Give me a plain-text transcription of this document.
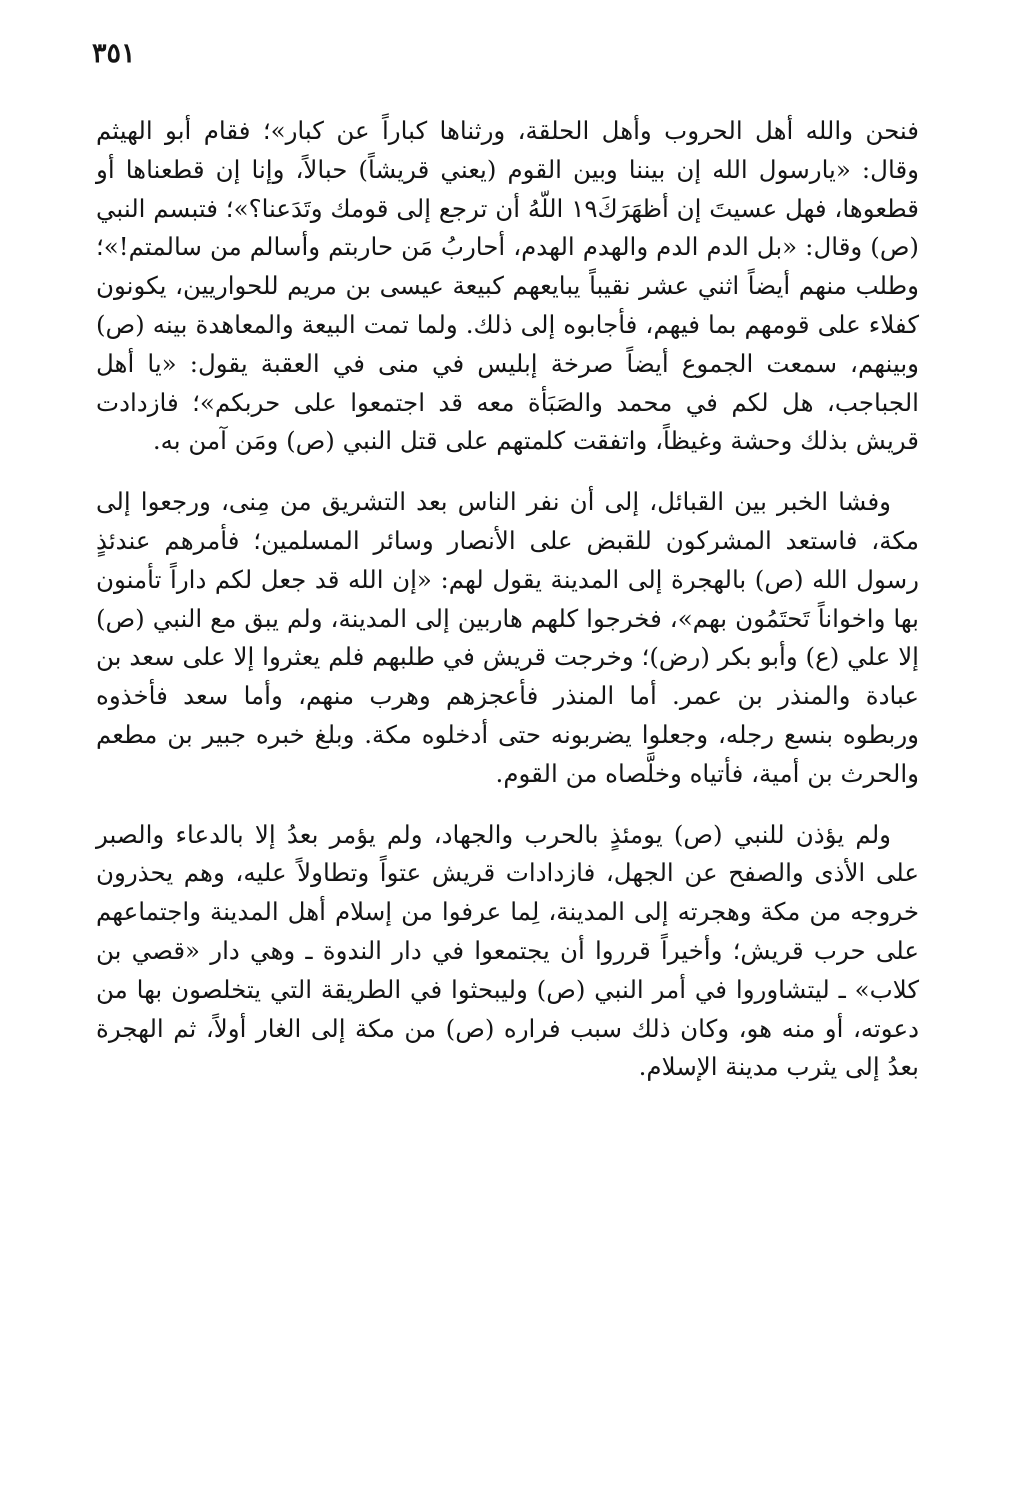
٣٥١

فنحن والله أهل الحروب وأهل الحلقة، ورثناها كباراً عن كبار»؛ فقام أبو الهيثم وقال: «يارسول الله إن بيننا وبين القوم (يعني قريشاً) حبالاً، وإنا إن قطعناها أو قطعوها، فهل عسيتَ إن أظهَرَكَ١٩ اللّهُ أن ترجع إلى قومك وتَدَعنا؟»؛ فتبسم النبي (ص) وقال: «بل الدم الدم والهدم الهدم، أحاربُ مَن حاربتم وأسالم من سالمتم!»؛ وطلب منهم أيضاً اثني عشر نقيباً يبايعهم كبيعة عيسى بن مريم للحواريين، يكونون كفلاء على قومهم بما فيهم، فأجابوه إلى ذلك. ولما تمت البيعة والمعاهدة بينه (ص) وبينهم، سمعت الجموع أيضاً صرخة إبليس في منى في العقبة يقول: «يا أهل الجباجب، هل لكم في محمد والصَبَأة معه قد اجتمعوا على حربكم»؛ فازدادت قريش بذلك وحشة وغيظاً، واتفقت كلمتهم على قتل النبي (ص) ومَن آمن به.

وفشا الخبر بين القبائل، إلى أن نفر الناس بعد التشريق من مِنى، ورجعوا إلى مكة، فاستعد المشركون للقبض على الأنصار وسائر المسلمين؛ فأمرهم عندئذٍ رسول الله (ص) بالهجرة إلى المدينة يقول لهم: «إن الله قد جعل لكم داراً تأمنون بها واخواناً تَحتَمُون بهم»، فخرجوا كلهم هاربين إلى المدينة، ولم يبق مع النبي (ص) إلا علي (ع) وأبو بكر (رض)؛ وخرجت قريش في طلبهم فلم يعثروا إلا على سعد بن عبادة والمنذر بن عمر. أما المنذر فأعجزهم وهرب منهم، وأما سعد فأخذوه وربطوه بنسع رجله، وجعلوا يضربونه حتى أدخلوه مكة. وبلغ خبره جبير بن مطعم والحرث بن أمية، فأتياه وخلَّصاه من القوم.

ولم يؤذن للنبي (ص) يومئذٍ بالحرب والجهاد، ولم يؤمر بعدُ إلا بالدعاء والصبر على الأذى والصفح عن الجهل، فازدادات قريش عتواً وتطاولاً عليه، وهم يحذرون خروجه من مكة وهجرته إلى المدينة، لِما عرفوا من إسلام أهل المدينة واجتماعهم على حرب قريش؛ وأخيراً قرروا أن يجتمعوا في دار الندوة ـ وهي دار «قصي بن كلاب» ـ ليتشاوروا في أمر النبي (ص) وليبحثوا في الطريقة التي يتخلصون بها من دعوته، أو منه هو، وكان ذلك سبب فراره (ص) من مكة إلى الغار أولاً، ثم الهجرة بعدُ إلى يثرب مدينة الإسلام.
